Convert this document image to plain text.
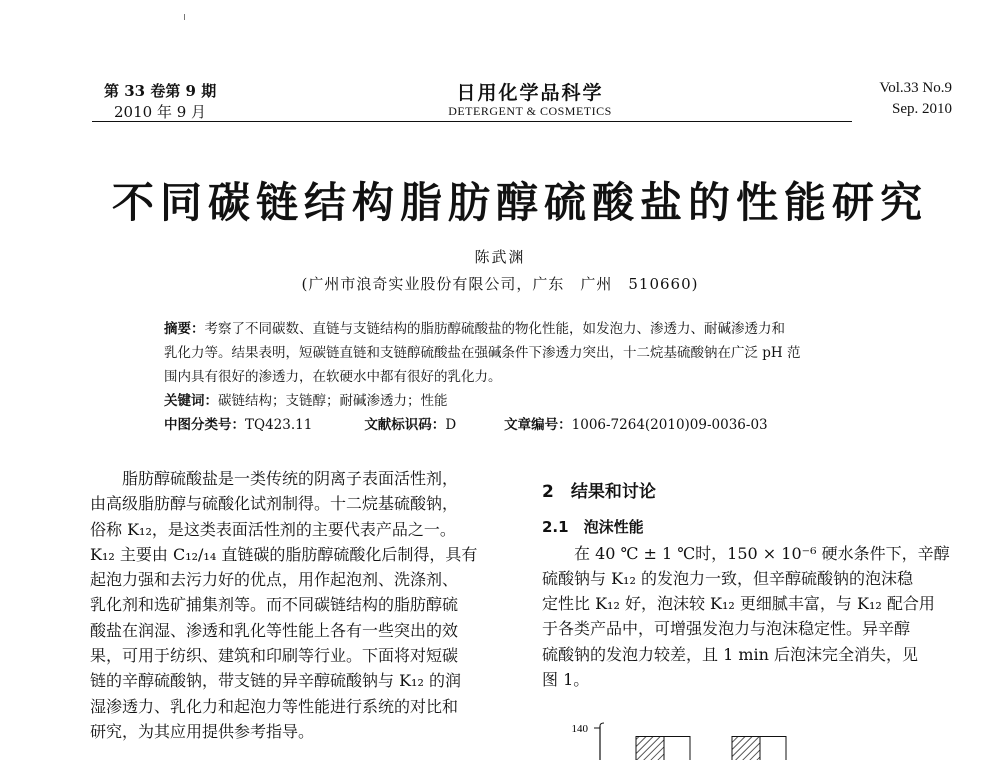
第 33 卷第 9 期
2010 年 9 月
日用化学品科学
DETERGENT & COSMETICS
Vol.33 No.9
Sep. 2010
不同碳链结构脂肪醇硫酸盐的性能研究
陈武渊
(广州市浪奇实业股份有限公司，广东　广州　510660)
摘要：考察了不同碳数、直链与支链结构的脂肪醇硫酸盐的物化性能，如发泡力、渗透力、耐碱渗透力和
乳化力等。结果表明，短碳链直链和支链醇硫酸盐在强碱条件下渗透力突出，十二烷基硫酸钠在广泛 pH 范
围内具有很好的渗透力，在软硬水中都有很好的乳化力。
关键词：碳链结构；支链醇；耐碱渗透力；性能
中图分类号：TQ423.11	文献标识码：D	文章编号：1006-7264(2010)09-0036-03
脂肪醇硫酸盐是一类传统的阴离子表面活性剂，
由高级脂肪醇与硫酸化试剂制得。十二烷基硫酸钠，
俗称 K₁₂，是这类表面活性剂的主要代表产品之一。
K₁₂ 主要由 C₁₂/₁₄ 直链碳的脂肪醇硫酸化后制得，具有
起泡力强和去污力好的优点，用作起泡剂、洗涤剂、
乳化剂和选矿捕集剂等。而不同碳链结构的脂肪醇硫
酸盐在润湿、渗透和乳化等性能上各有一些突出的效
果，可用于纺织、建筑和印刷等行业。下面将对短碳
链的辛醇硫酸钠，带支链的异辛醇硫酸钠与 K₁₂ 的润
湿渗透力、乳化力和起泡力等性能进行系统的对比和
研究，为其应用提供参考指导。
2　结果和讨论
2.1　泡沫性能
在 40 ℃ ± 1 ℃时，150 × 10⁻⁶ 硬水条件下，辛醇
硫酸钠与 K₁₂ 的发泡力一致，但辛醇硫酸钠的泡沫稳
定性比 K₁₂ 好，泡沫较 K₁₂ 更细腻丰富，与 K₁₂ 配合用
于各类产品中，可增强发泡力与泡沫稳定性。异辛醇
硫酸钠的发泡力较差，且 1 min 后泡沫完全消失，见
图 1。
140
